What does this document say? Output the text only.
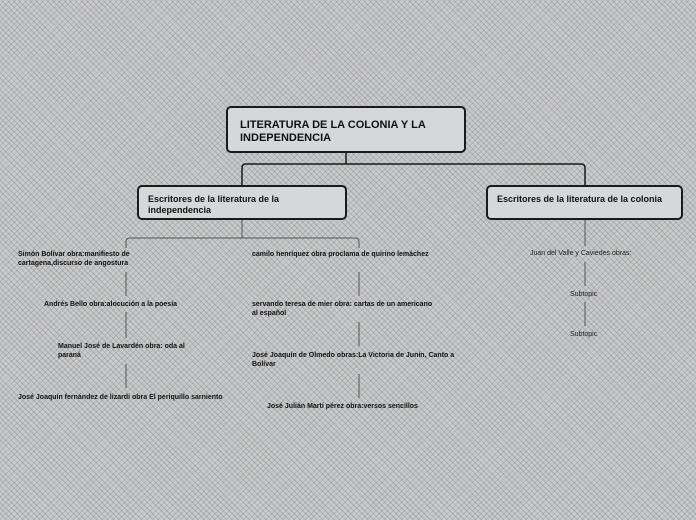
LITERATURA DE LA COLONIA Y LA INDEPENDENCIA
Escritores de la literatura de la independencia
Escritores de la literatura de la colonia
Simón Bolívar obra:manifiesto de cartagena,discurso de angostura
Andrés Bello obra:alocución a la poesía
Manuel José de Lavardén obra: oda al paraná
José Joaquín fernández de lizardi obra El periquillo sarniento
camilo henríquez obra proclama de quirino lemáchez
servando teresa de mier obra: cartas de un americano al español
José Joaquín de Olmedo obras:La Victoria de Junín, Canto a Bolívar
José Julián Martí pérez obra:versos sencillos
Juan del Valle y Caviedes obras:
Subtopic
Subtopic
